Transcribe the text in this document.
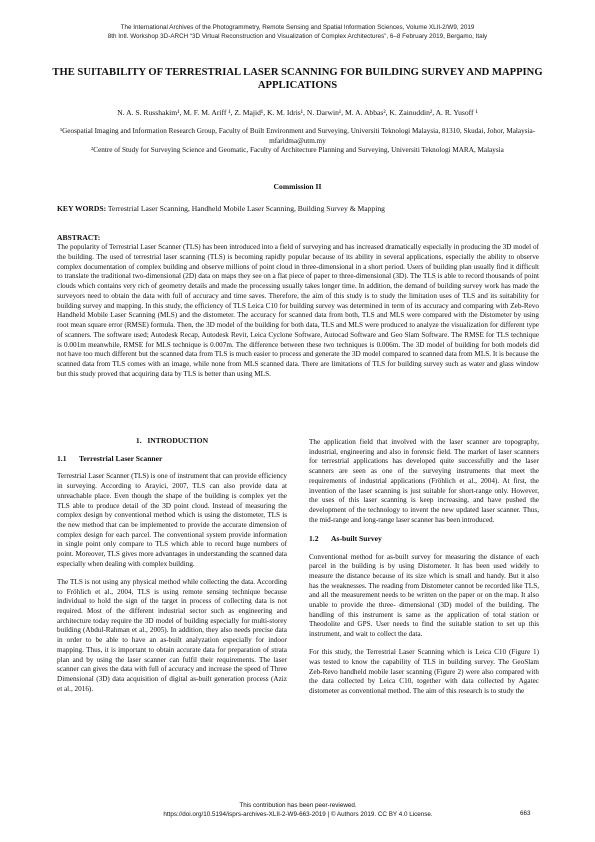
The International Archives of the Photogrammetry, Remote Sensing and Spatial Information Sciences, Volume XLII-2/W9, 2019
8th Intl. Workshop 3D-ARCH “3D Virtual Reconstruction and Visualization of Complex Architectures”, 6–8 February 2019, Bergamo, Italy
THE SUITABILITY OF TERRESTRIAL LASER SCANNING FOR BUILDING SURVEY AND MAPPING APPLICATIONS
N. A. S. Russhakim¹, M. F. M. Ariff ¹, Z. Majid¹, K. M. Idris¹, N. Darwin¹, M. A. Abbas², K. Zainuddin², A. R. Yusoff ¹
¹Geospatial Imaging and Information Research Group, Faculty of Built Environment and Surveying, Universiti Teknologi Malaysia, 81310, Skudai, Johor, Malaysia- mfaridma@utm.my
²Centre of Study for Surveying Science and Geomatic, Faculty of Architecture Planning and Surveying, Universiti Teknologi MARA, Malaysia
Commission II
KEY WORDS: Terrestrial Laser Scanning, Handheld Mobile Laser Scanning, Building Survey & Mapping
ABSTRACT:
The popularity of Terrestrial Laser Scanner (TLS) has been introduced into a field of surveying and has increased dramatically especially in producing the 3D model of the building. The used of terrestrial laser scanning (TLS) is becoming rapidly popular because of its ability in several applications, especially the ability to observe complex documentation of complex building and observe millions of point cloud in three-dimensional in a short period. Users of building plan usually find it difficult to translate the traditional two-dimensional (2D) data on maps they see on a flat piece of paper to three-dimensional (3D). The TLS is able to record thousands of point clouds which contains very rich of geometry details and made the processing usually takes longer time. In addition, the demand of building survey work has made the surveyors need to obtain the data with full of accuracy and time saves. Therefore, the aim of this study is to study the limitation uses of TLS and its suitability for building survey and mapping. In this study, the efficiency of TLS Leica C10 for building survey was determined in term of its accuracy and comparing with Zeb-Revo Handheld Mobile Laser Scanning (MLS) and the distometer. The accuracy for scanned data from both, TLS and MLS were compared with the Distometer by using root mean square error (RMSE) formula. Then, the 3D model of the building for both data, TLS and MLS were produced to analyze the visualization for different type of scanners. The software used; Autodesk Recap, Autodesk Revit, Leica Cyclone Software, Autocad Software and Geo Slam Software. The RMSE for TLS technique is 0.001m meanwhile, RMSE for MLS technique is 0.007m. The difference between these two techniques is 0.006m. The 3D model of building for both models did not have too much different but the scanned data from TLS is much easier to process and generate the 3D model compared to scanned data from MLS. It is because the scanned data from TLS comes with an image, while none from MLS scanned data. There are limitations of TLS for building survey such as water and glass window but this study proved that acquiring data by TLS is better than using MLS.
1.   INTRODUCTION
1.1 Terrestrial Laser Scanner

Terrestrial Laser Scanner (TLS) is one of instrument that can provide efficiency in surveying. According to Arayici, 2007, TLS can also provide data at unreachable place. Even though the shape of the building is complex yet the TLS able to produce detail of the 3D point cloud. Instead of measuring the complex design by conventional method which is using the distometer, TLS is the new method that can be implemented to provide the accurate dimension of complex design for each parcel. The conventional system provide information in single point only compare to TLS which able to record huge numbers of point. Moreover, TLS gives more advantages in understanding the scanned data especially when dealing with complex building.

The TLS is not using any physical method while collecting the data. According to Fröhlich et al., 2004, TLS is using remote sensing technique because individual to hold the sign of the target in process of collecting data is not required. Most of the different industrial sector such as engineering and architecture today require the 3D model of building especially for multi-storey building (Abdul-Rahman et al., 2005). In addition, they also needs precise data in order to be able to have an as-built analyzation especially for indoor mapping. Thus, it is important to obtain accurate data for preparation of strata plan and by using the laser scanner can fulfil their requirements. The laser scanner can gives the data with full of accuracy and increase the speed of Three Dimensional (3D) data acquisition of digital as-built generation process (Aziz et al., 2016).

The application field that involved with the laser scanner are topography, industrial, engineering and also in forensic field. The market of laser scanners for terrestrial applications has developed quite successfully and the laser scanners are seen as one of the surveying instruments that meet the requirements of industrial applications (Fröhlich et al., 2004). At first, the invention of the laser scanning is just suitable for short-range only. However, the uses of this laser scanning is keep increasing, and have pushed the development of the technology to invent the new updated laser scanner. Thus, the mid-range and long-range laser scanner has been introduced.

1.2 As-built Survey

Conventional method for as-built survey for measuring the distance of each parcel in the building is by using Distometer. It has been used widely to measure the distance because of its size which is small and handy. But it also has the weaknesses. The reading from Distometer cannot be recorded like TLS, and all the measurement needs to be written on the paper or on the map. It also unable to provide the three- dimensional (3D) model of the building. The handling of this instrument is same as the application of total station or Theodolite and GPS. User needs to find the suitable station to set up this instrument, and wait to collect the data.

For this study, the Terrestrial Laser Scanning which is Leica C10 (Figure 1) was tested to know the capability of TLS in building survey. The GeoSlam Zeb-Revo handheld mobile laser scanning (Figure 2) were also compared with the data collected by Leica C10, together with data collected by Agatec distometer as conventional method. The aim of this research is to study the

This contribution has been peer-reviewed.
https://doi.org/10.5194/isprs-archives-XLII-2-W9-663-2019 | © Authors 2019. CC BY 4.0 License.	663
